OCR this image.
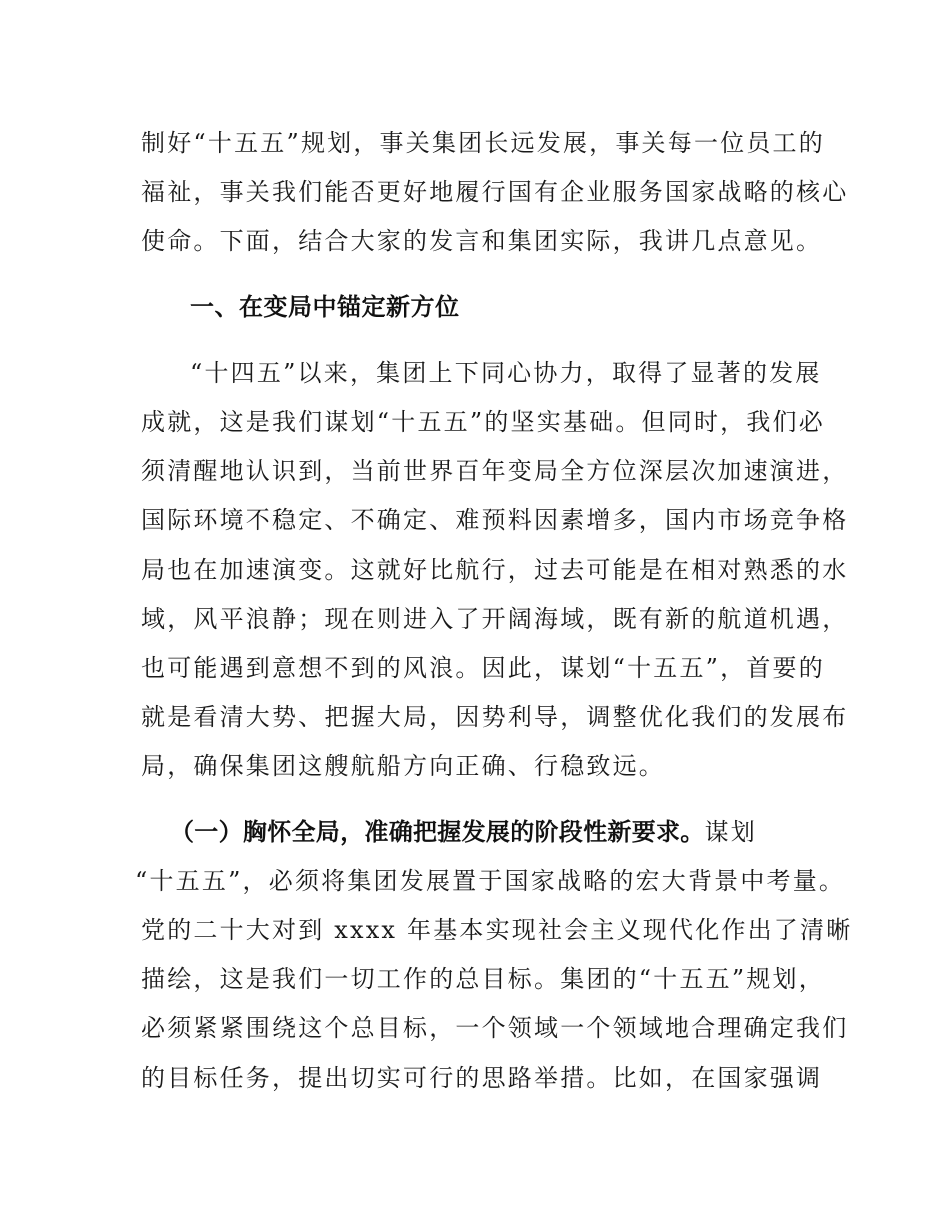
制好“十五五”规划，事关集团长远发展，事关每一位员工的
福祉，事关我们能否更好地履行国有企业服务国家战略的核心
使命。下面，结合大家的发言和集团实际，我讲几点意见。
一、在变局中锚定新方位
“十四五”以来，集团上下同心协力，取得了显著的发展
成就，这是我们谋划“十五五”的坚实基础。但同时，我们必
须清醒地认识到，当前世界百年变局全方位深层次加速演进，
国际环境不稳定、不确定、难预料因素增多，国内市场竞争格
局也在加速演变。这就好比航行，过去可能是在相对熟悉的水
域，风平浪静；现在则进入了开阔海域，既有新的航道机遇，
也可能遇到意想不到的风浪。因此，谋划“十五五”，首要的
就是看清大势、把握大局，因势利导，调整优化我们的发展布
局，确保集团这艘航船方向正确、行稳致远。
（一）胸怀全局，准确把握发展的阶段性新要求。谋划
“十五五”，必须将集团发展置于国家战略的宏大背景中考量。
党的二十大对到 xxxx 年基本实现社会主义现代化作出了清晰
描绘，这是我们一切工作的总目标。集团的“十五五”规划，
必须紧紧围绕这个总目标，一个领域一个领域地合理确定我们
的目标任务，提出切实可行的思路举措。比如，在国家强调
